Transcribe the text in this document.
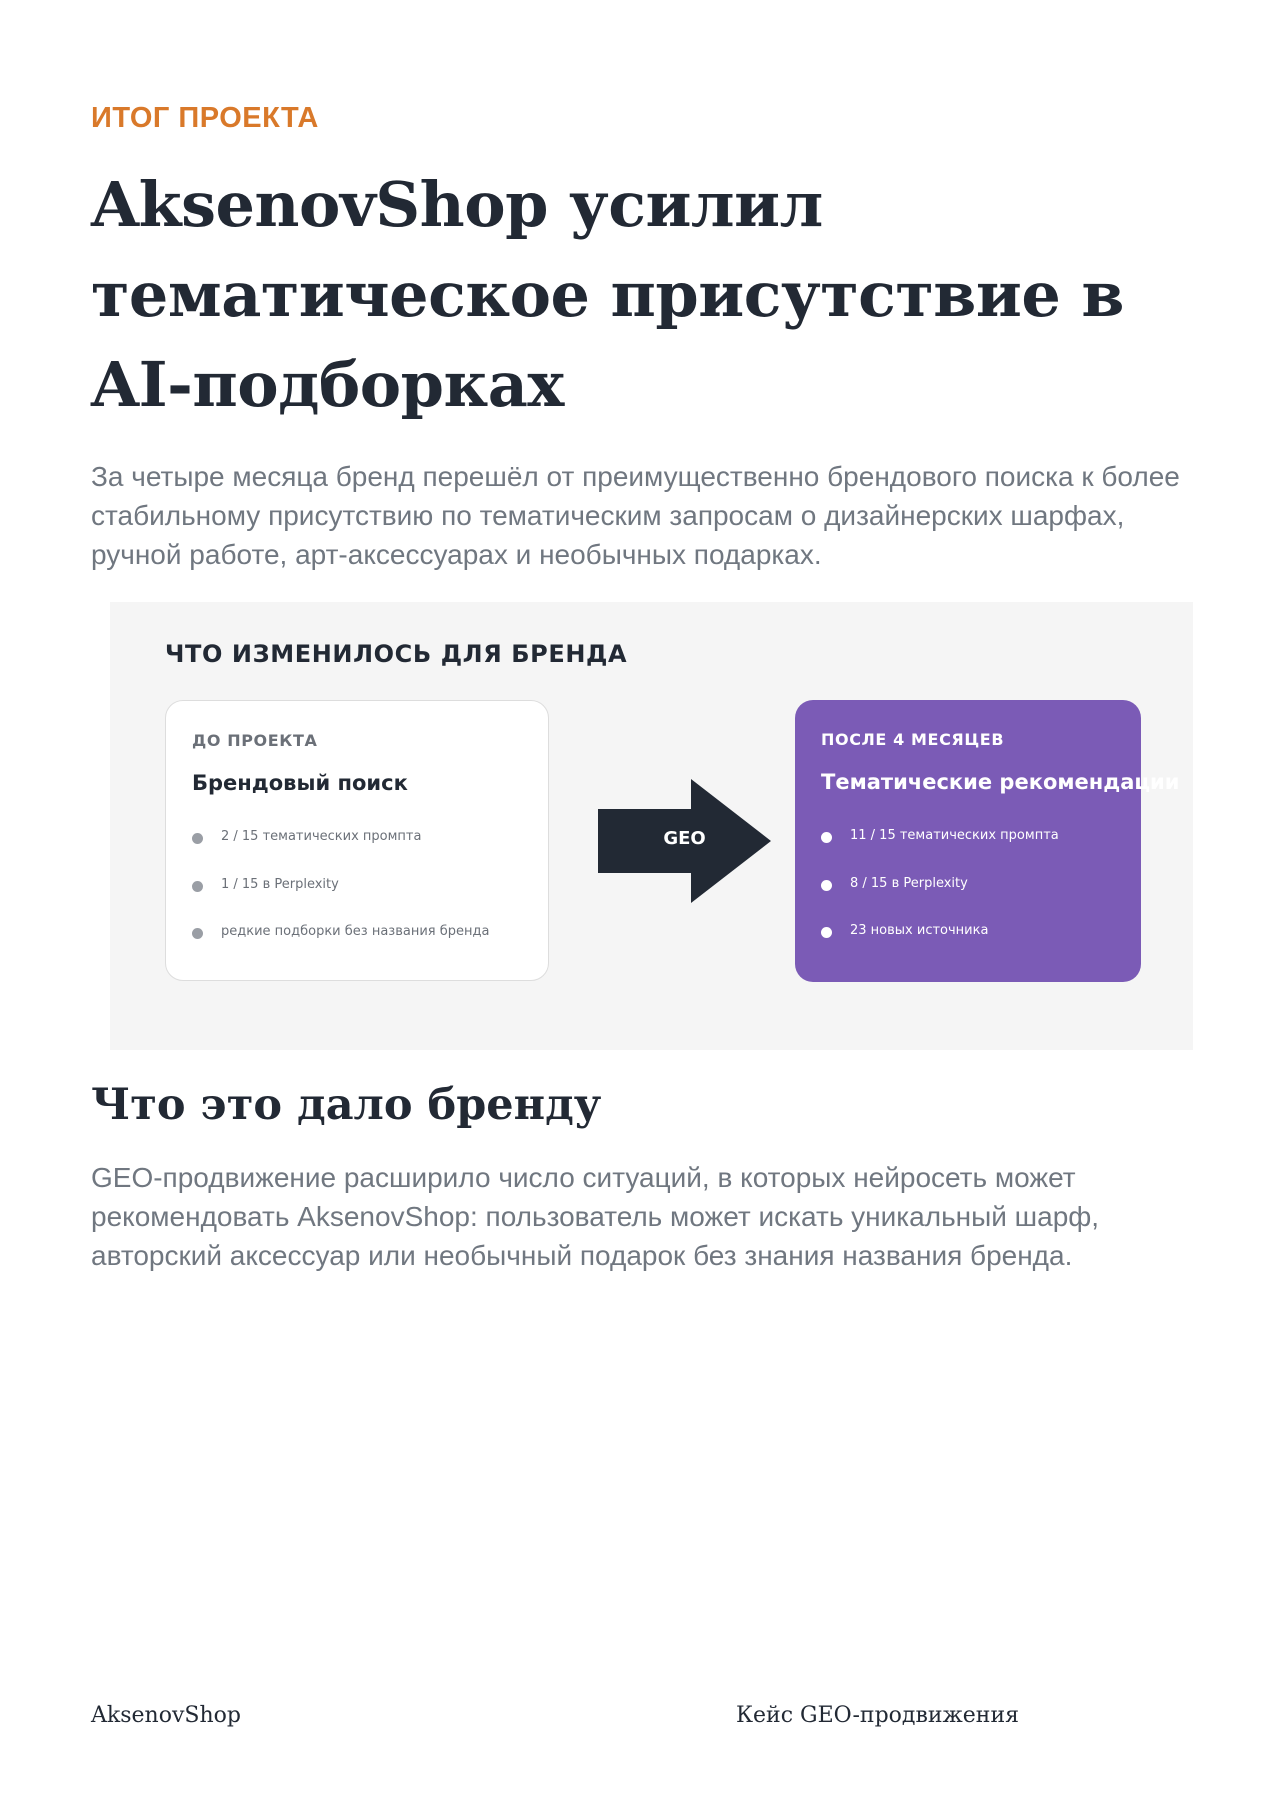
ИТОГ ПРОЕКТА
AksenovShop усилил тематическое присутствие в AI-подборках

За четыре месяца бренд перешёл от преимущественно брендового поиска к более стабильному присутствию по тематическим запросам о дизайнерских шарфах, ручной работе, арт-аксессуарах и необычных подарках.

ЧТО ИЗМЕНИЛОСЬ ДЛЯ БРЕНДА
ДО ПРОЕКТА
Брендовый поиск
2 / 15 тематических промпта
1 / 15 в Perplexity
редкие подборки без названия бренда
GEO
ПОСЛЕ 4 МЕСЯЦЕВ
Тематические рекомендации
11 / 15 тематических промпта
8 / 15 в Perplexity
23 новых источника
Что это дало бренду

GEO-продвижение расширило число ситуаций, в которых нейросеть может рекомендовать AksenovShop: пользователь может искать уникальный шарф, авторский аксессуар или необычный подарок без знания названия бренда.

AksenovShop	Кейс GEO-продвижения
